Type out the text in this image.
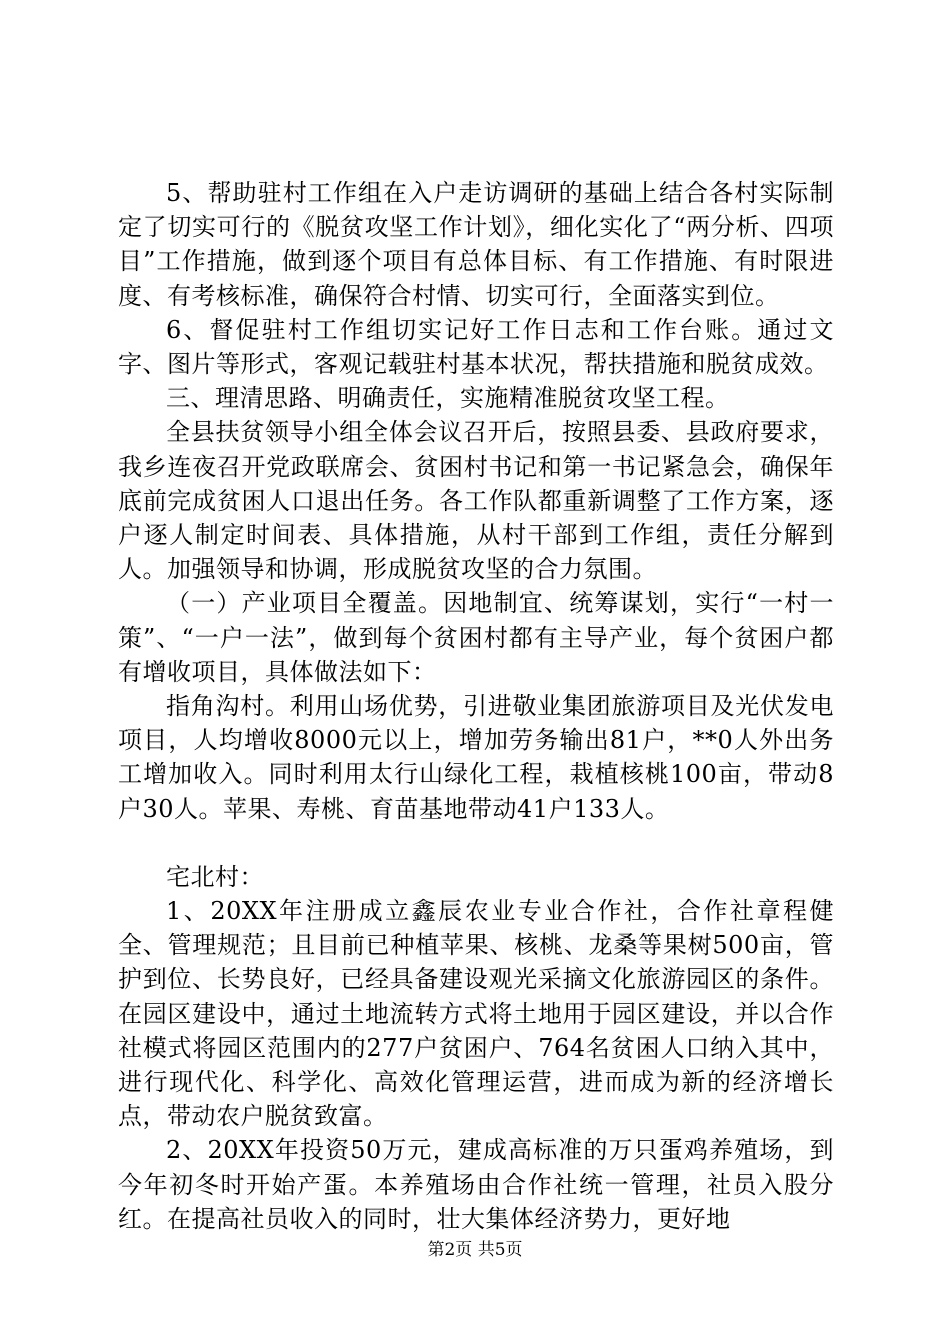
5、帮助驻村工作组在入户走访调研的基础上结合各村实际制定了切实可行的《脱贫攻坚工作计划》，细化实化了“两分析、四项目”工作措施，做到逐个项目有总体目标、有工作措施、有时限进度、有考核标准，确保符合村情、切实可行，全面落实到位。

6、督促驻村工作组切实记好工作日志和工作台账。通过文字、图片等形式，客观记载驻村基本状况，帮扶措施和脱贫成效。

三、理清思路、明确责任，实施精准脱贫攻坚工程。

全县扶贫领导小组全体会议召开后，按照县委、县政府要求，我乡连夜召开党政联席会、贫困村书记和第一书记紧急会，确保年底前完成贫困人口退出任务。各工作队都重新调整了工作方案，逐户逐人制定时间表、具体措施，从村干部到工作组，责任分解到人。加强领导和协调，形成脱贫攻坚的合力氛围。

（一）产业项目全覆盖。因地制宜、统筹谋划，实行“一村一策”、“一户一法”，做到每个贫困村都有主导产业，每个贫困户都有增收项目，具体做法如下：

指角沟村。利用山场优势，引进敬业集团旅游项目及光伏发电项目，人均增收8000元以上，增加劳务输出81户，**0人外出务工增加收入。同时利用太行山绿化工程，栽植核桃100亩，带动8户30人。苹果、寿桃、育苗基地带动41户133人。

宅北村：

1、20XX年注册成立鑫辰农业专业合作社，合作社章程健全、管理规范；且目前已种植苹果、核桃、龙桑等果树500亩，管护到位、长势良好，已经具备建设观光采摘文化旅游园区的条件。在园区建设中，通过土地流转方式将土地用于园区建设，并以合作社模式将园区范围内的277户贫困户、764名贫困人口纳入其中，进行现代化、科学化、高效化管理运营，进而成为新的经济增长点，带动农户脱贫致富。

2、20XX年投资50万元，建成高标准的万只蛋鸡养殖场，到今年初冬时开始产蛋。本养殖场由合作社统一管理，社员入股分红。在提高社员收入的同时，壮大集体经济势力，更好地

第2页 共5页
